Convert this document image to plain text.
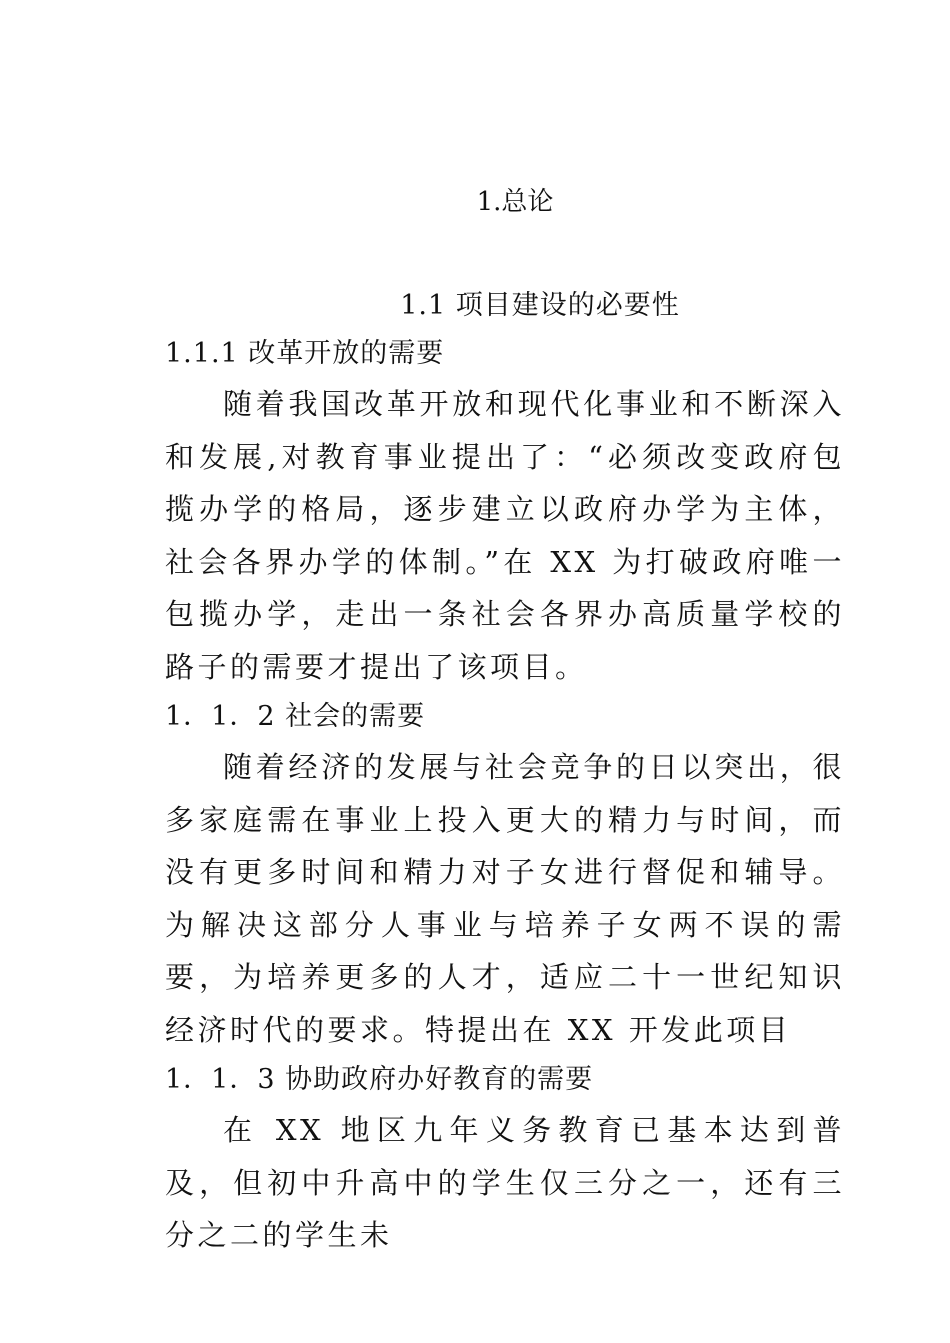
1.总论
1.1 项目建设的必要性
1.1.1 改革开放的需要

随着我国改革开放和现代化事业和不断深入和发展,对教育事业提出了：“必须改变政府包揽办学的格局，逐步建立以政府办学为主体，社会各界办学的体制。”在 XX 为打破政府唯一包揽办学，走出一条社会各界办高质量学校的路子的需要才提出了该项目。

1．1．2 社会的需要

随着经济的发展与社会竞争的日以突出，很多家庭需在事业上投入更大的精力与时间，而没有更多时间和精力对子女进行督促和辅导。为解决这部分人事业与培养子女两不误的需要，为培养更多的人才，适应二十一世纪知识经济时代的要求。特提出在 XX 开发此项目

1．1．3 协助政府办好教育的需要

在 XX 地区九年义务教育已基本达到普及，但初中升高中的学生仅三分之一，还有三分之二的学生未
